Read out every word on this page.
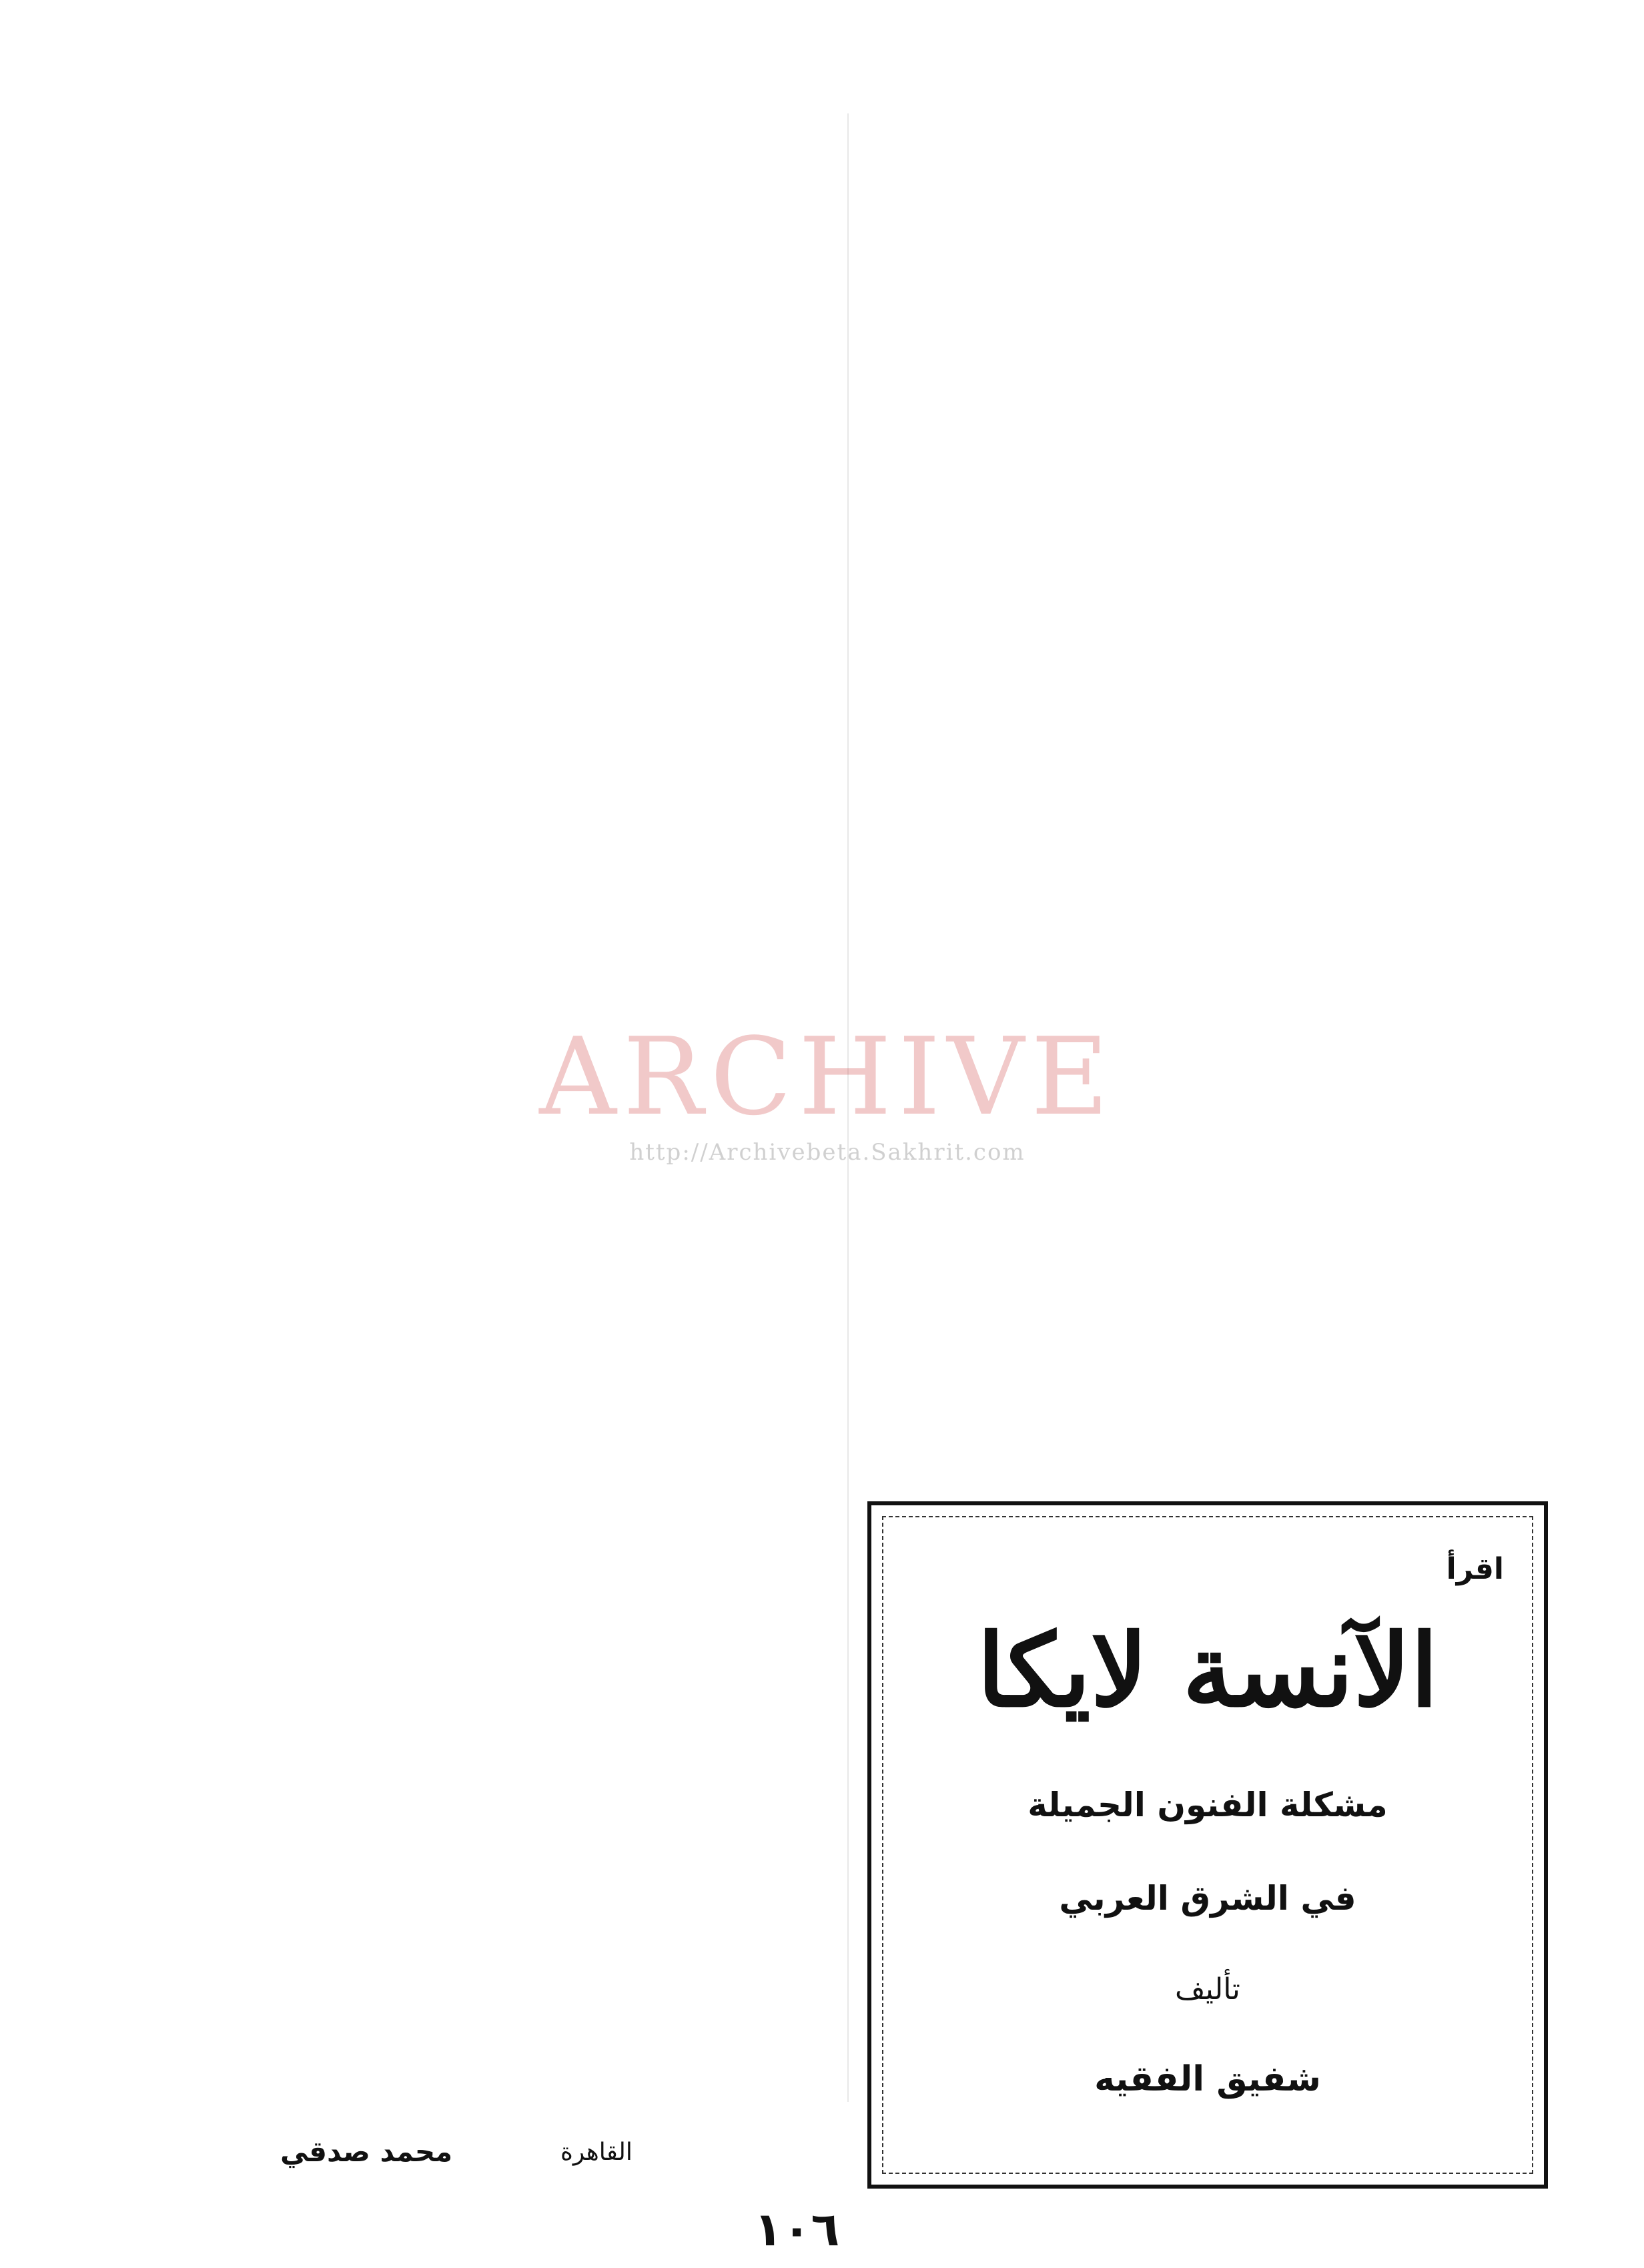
اقرأ
الآنسة لايكا
مشكلة الفنون الجميلة
في الشرق العربي
تأليف
شفيق الفقيه
القاهرة
محمد صدقي
ARCHIVE
http://Archivebeta.Sakhrit.com
١٠٦
